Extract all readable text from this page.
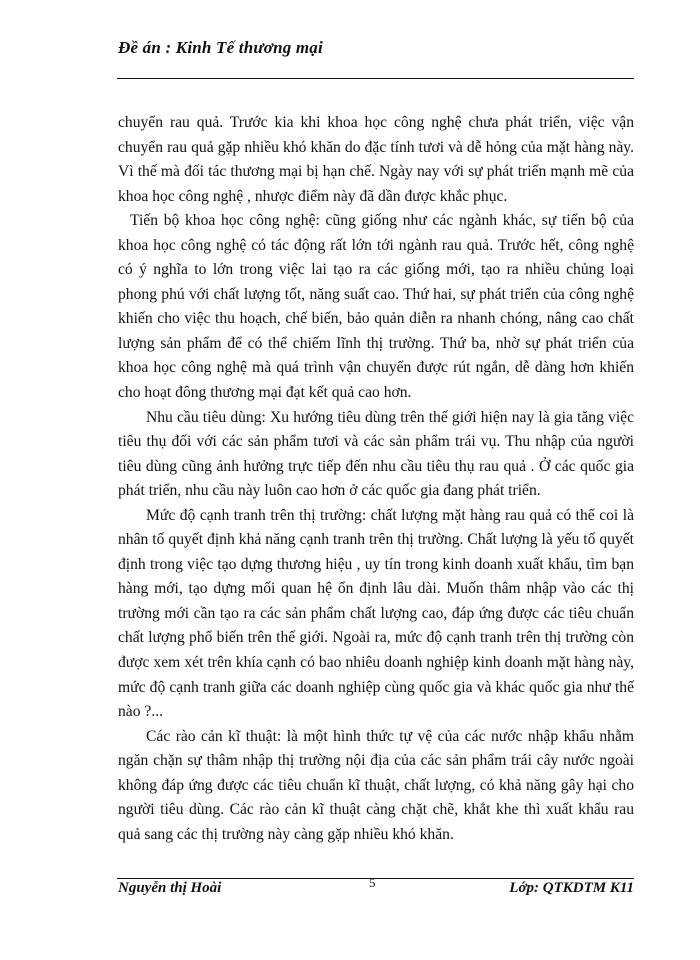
Đề án : Kinh Tế thương mại

chuyển rau quả. Trước kia khi khoa học công nghệ chưa phát triển, việc vận chuyển rau quả gặp nhiều khó khăn do đặc tính tươi và dễ hỏng của mặt hàng này. Vì thế mà đối tác thương mại bị hạn chế. Ngày nay với sự phát triển mạnh mẽ của khoa học công nghệ , nhược điểm này đã dần được khắc phục.

Tiến bộ khoa học công nghệ: cũng giống như các ngành khác, sự tiến bộ của khoa học công nghệ có tác động rất lớn tới ngành rau quả. Trước hết, công nghệ có ý nghĩa to lớn trong việc lai tạo ra các giống mới, tạo ra nhiều chủng loại phong phú với chất lượng tốt, năng suất cao. Thứ hai, sự phát triển của công nghệ khiến cho việc thu hoạch, chế biến, bảo quản diễn ra nhanh chóng, nâng cao chất lượng sản phẩm để có thể chiếm lĩnh thị trường. Thứ ba, nhờ sự phát triển của khoa học công nghệ mà quá trình vận chuyển được rút ngắn, dễ dàng hơn khiến cho hoạt đông thương mại đạt kết quả cao hơn.

Nhu cầu tiêu dùng: Xu hướng tiêu dùng trên thế giới hiện nay là gia tăng việc tiêu thụ đối với các sản phẩm tươi và các sản phẩm trái vụ. Thu nhập của người tiêu dùng cũng ảnh hưởng trực tiếp đến nhu cầu tiêu thụ rau quả . Ở các quốc gia phát triển, nhu cầu này luôn cao hơn ở các quốc gia đang phát triển.

Mức độ cạnh tranh trên thị trường: chất lượng mặt hàng rau quả có thể coi là nhân tố quyết định khả năng cạnh tranh trên thị trường. Chất lượng là yếu tố quyết định trong việc tạo dựng thương hiệu , uy tín trong kinh doanh xuất khẩu, tìm bạn hàng mới, tạo dựng mối quan hệ ổn định lâu dài. Muốn thâm nhập vào các thị trường mới cần tạo ra các sản phẩm chất lượng cao, đáp ứng được các tiêu chuẩn chất lượng phổ biến trên thế giới. Ngoài ra, mức độ cạnh tranh trên thị trường còn được xem xét trên khía cạnh có bao nhiêu doanh nghiệp kinh doanh mặt hàng này, mức độ cạnh tranh giữa các doanh nghiệp cùng quốc gia và khác quốc gia như thế nào ?...

Các rào cản kĩ thuật: là một hình thức tự vệ của các nước nhập khẩu nhằm ngăn chặn sự thâm nhập thị trường nội địa của các sản phẩm trái cây nước ngoài không đáp ứng được các tiêu chuẩn kĩ thuật, chất lượng, có khả năng gây hại cho người tiêu dùng. Các rào cản kĩ thuật càng chặt chẽ, khắt khe thì xuất khẩu rau quả sang các thị trường này càng gặp nhiều khó khăn.

Nguyễn thị Hoài	5	Lớp: QTKDTM K11
